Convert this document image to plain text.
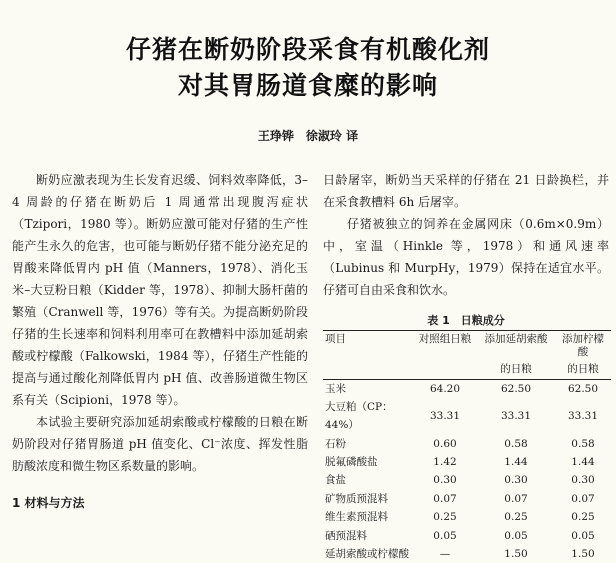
仔猪在断奶阶段采食有机酸化剂
对其胃肠道食糜的影响
王琤铧　徐淑玲 译

断奶应激表现为生长发育迟缓、饲料效率降低，3–4 周龄的仔猪在断奶后 1 周通常出现腹泻症状（Tzipori，1980 等）。断奶应激可能对仔猪的生产性能产生永久的危害，也可能与断奶仔猪不能分泌充足的胃酸来降低胃内 pH 值（Manners，1978）、消化玉米–大豆粉日粮（Kidder 等，1978）、抑制大肠杆菌的繁殖（Cranwell 等，1976）等有关。为提高断奶阶段仔猪的生长速率和饲料利用率可在教槽料中添加延胡索酸或柠檬酸（Falkowski，1984 等），仔猪生产性能的提高与通过酸化剂降低胃内 pH 值、改善肠道微生物区系有关（Scipioni，1978 等）。

本试验主要研究添加延胡索酸或柠檬酸的日粮在断奶阶段对仔猪胃肠道 pH 值变化、Cl⁻浓度、挥发性脂肪酸浓度和微生物区系数量的影响。

1 材料与方法

日龄屠宰，断奶当天采样的仔猪在 21 日龄换栏，并在采食教槽料 6h 后屠宰。

仔猪被独立的饲养在金属网床（0.6m×0.9m）中，室温（Hinkle 等，1978）和通风速率（Lubinus 和 MurpHy，1979）保持在适宜水平。仔猪可自由采食和饮水。

表 1　日粮成分
项目	对照组日粮	添加延胡索酸	添加柠檬酸
		的日粮	的日粮
玉米	64.20	62.50	62.50
大豆粕（CP：44%）	33.31	33.31	33.31
石粉	0.60	0.58	0.58
脱氟磷酸盐	1.42	1.44	1.44
食盐	0.30	0.30	0.30
矿物质预混料	0.07	0.07	0.07
维生素预混料	0.25	0.25	0.25
硒预混料	0.05	0.05	0.05
延胡索酸或柠檬酸	—	1.50	1.50
